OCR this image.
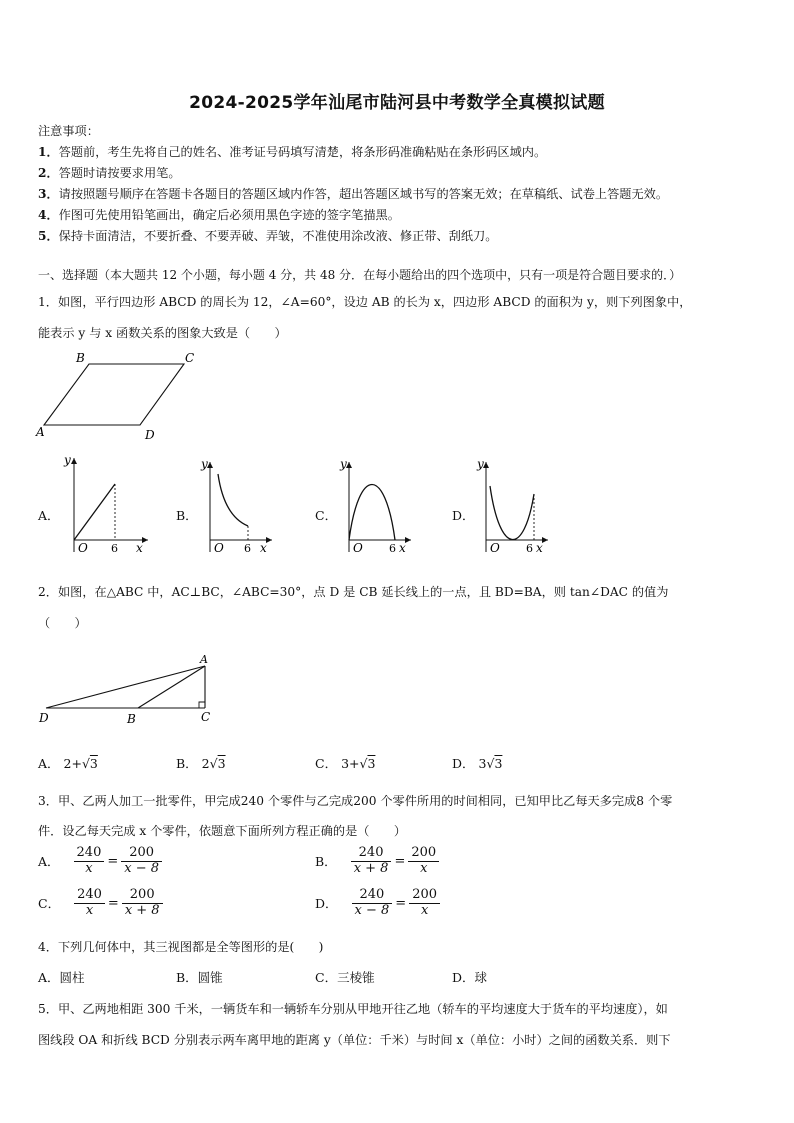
2024-2025学年汕尾市陆河县中考数学全真模拟试题
注意事项：
1．答题前，考生先将自己的姓名、准考证号码填写清楚，将条形码准确粘贴在条形码区域内。
2．答题时请按要求用笔。
3．请按照题号顺序在答题卡各题目的答题区域内作答，超出答题区域书写的答案无效；在草稿纸、试卷上答题无效。
4．作图可先使用铅笔画出，确定后必须用黑色字迹的签字笔描黑。
5．保持卡面清洁，不要折叠、不要弄破、弄皱，不准使用涂改液、修正带、刮纸刀。
一、选择题（本大题共 12 个小题，每小题 4 分，共 48 分．在每小题给出的四个选项中，只有一项是符合题目要求的．）
1．如图，平行四边形 ABCD 的周长为 12，∠A=60°，设边 AB 的长为 x，四边形 ABCD 的面积为 y，则下列图象中，
能表示 y 与 x 函数关系的图象大致是（　　）
B	C
A	D
A．
y
O 6 x
B．
y
O 6 x
C．
y
O 6 x
D．
y
O 6 x
2．如图，在△ABC 中，AC⊥BC，∠ABC=30°，点 D 是 CB 延长线上的一点，且 BD=BA，则 tan∠DAC 的值为
（　　）
A
D	B	C
A． 2+√3	B． 2√3	C． 3+√3	D． 3√3
3．甲、乙两人加工一批零件，甲完成240 个零件与乙完成200 个零件所用的时间相同，已知甲比乙每天多完成8 个零
件．设乙每天完成 x 个零件，依题意下面所列方程正确的是（　　）
A． $\frac{240}{x} = \frac{200}{x - 8}$	B． $\frac{240}{x + 8} = \frac{200}{x}$
C． $\frac{240}{x} = \frac{200}{x + 8}$	D． $\frac{240}{x - 8} = \frac{200}{x}$
4．下列几何体中，其三视图都是全等图形的是(　　)
A．圆柱	B．圆锥	C．三棱锥	D．球
5．甲、乙两地相距 300 千米，一辆货车和一辆轿车分别从甲地开往乙地（轿车的平均速度大于货车的平均速度），如
图线段 OA 和折线 BCD 分别表示两车离甲地的距离 y（单位：千米）与时间 x（单位：小时）之间的函数关系．则下
